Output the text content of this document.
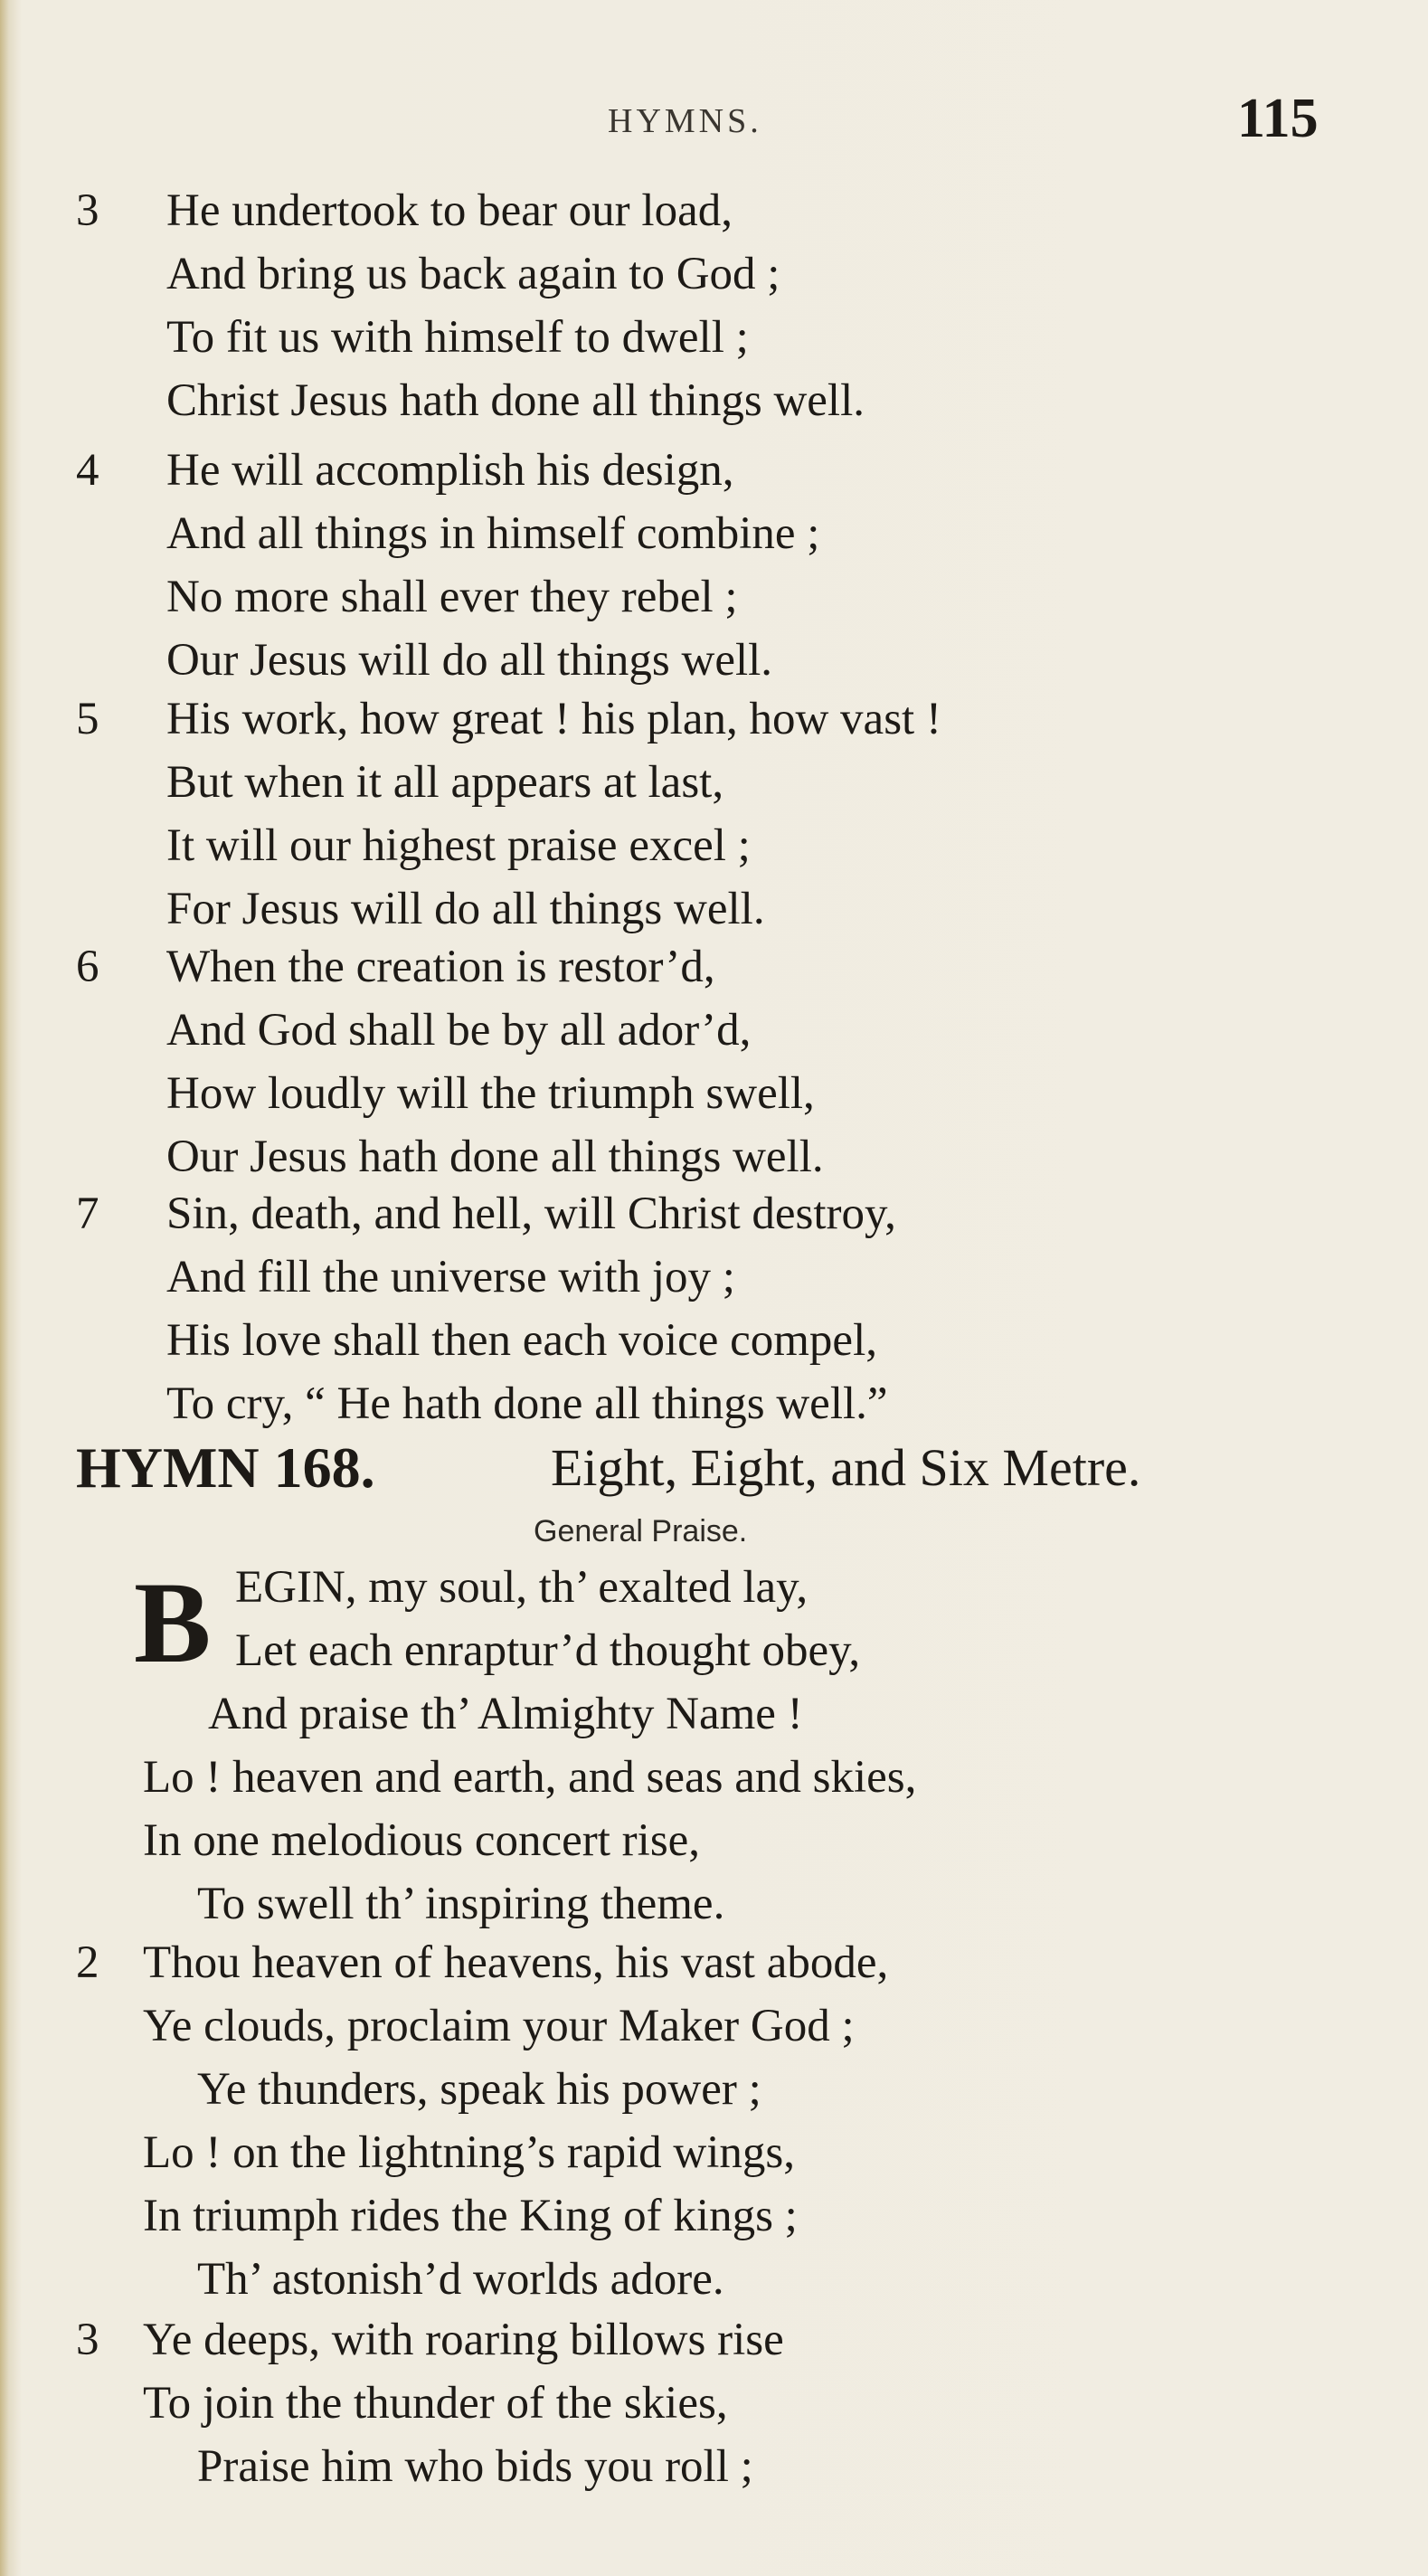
HYMNS.	115
3	He undertook to bear our load,
And bring us back again to God ;
To fit us with himself to dwell ;
Christ Jesus hath done all things well.
4	He will accomplish his design,
And all things in himself combine ;
No more shall ever they rebel ;
Our Jesus will do all things well.
5	His work, how great ! his plan, how vast !
But when it all appears at last,
It will our highest praise excel ;
For Jesus will do all things well.
6	When the creation is restor’d,
And God shall be by all ador’d,
How loudly will the triumph swell,
Our Jesus hath done all things well.
7	Sin, death, and hell, will Christ destroy,
And fill the universe with joy ;
His love shall then each voice compel,
To cry, “ He hath done all things well.”
HYMN 168.	Eight, Eight, and Six Metre.
General Praise.
B EGIN, my soul, th’ exalted lay,
Let each enraptur’d thought obey,
And praise th’ Almighty Name !
Lo ! heaven and earth, and seas and skies,
In one melodious concert rise,
To swell th’ inspiring theme.
2 Thou heaven of heavens, his vast abode,
Ye clouds, proclaim your Maker God ;
Ye thunders, speak his power ;
Lo ! on the lightning’s rapid wings,
In triumph rides the King of kings ;
Th’ astonish’d worlds adore.
3 Ye deeps, with roaring billows rise
To join the thunder of the skies,
Praise him who bids you roll ;
